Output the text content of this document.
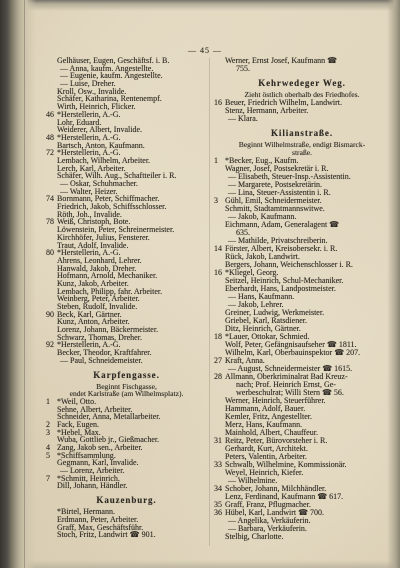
— 45 —
Gelhäuser, Eugen, Geschäftsf. i. B.
— Anna, kaufm. Angestellte.
— Eugenie, kaufm. Angestellte.
— Luise, Dreher.
Kroll, Osw., Invalide.
Schäfer, Katharina, Rentenempf.
Wirth, Heinrich, Flicker.
46 *Herstellerin, A.-G.
Lohr, Eduard.
Weiderer, Albert, Invalide.
48 *Herstellerin, A.-G.
Bartsch, Anton, Kaufmann.
72 *Herstellerin, A.-G.
Lembach, Wilhelm, Arbeiter.
Lerch, Karl, Arbeiter.
Schäfer, Wilh. Aug., Schaftteiler i. R.
— Oskar, Schuhmacher.
— Walter, Heizer.
74 Bornmann, Peter, Schiffmacher.
Friedrich, Jakob, Schiffsschlosser.
Röth, Joh., Invalide.
78 Weiß, Christoph, Bote.
Löwenstein, Peter, Schreinermeister.
Kirchhöfer, Julius, Fensterer.
Traut, Adolf, Invalide.
80 *Herstellerin, A.-G.
Ahrens, Leonhard, Lehrer.
Hanwald, Jakob, Dreher.
Hofmann, Arnold, Mechaniker.
Kunz, Jakob, Arbeiter.
Lembach, Philipp, fahr. Arbeiter.
Weinberg, Peter, Arbeiter.
Steben, Rudolf, Invalide.
90 Beck, Karl, Gärtner.
Kunz, Anton, Arbeiter.
Lorenz, Johann, Bäckermeister.
Schwarz, Thomas, Dreher.
92 *Herstellerin, A.-G.
Becker, Theodor, Kraftfahrer.
— Paul, Schneidemeister.
Karpfengasse.
Beginnt Fischgasse,
endet Karlstraße (am Wilhelmsplatz).
1 *Weil, Otto.
Sehne, Albert, Arbeiter.
Schneider, Anna, Metallarbeiter.
2 Fack, Eugen.
3 *Hebel, Max.
Wuba, Gottlieb jr., Gießmacher.
4 Zang, Jakob sen., Arbeiter.
5 *Schiffsammlung.
Gegmann, Karl, Invalide.
— Lorenz, Arbeiter.
7 *Schmitt, Heinrich.
Dill, Johann, Händler.
Kauzenburg.
*Birtel, Hermann.
Erdmann, Peter, Arbeiter.
Graff, Max, Geschäftsführ.
Stoch, Fritz, Landwirt ☎ 901.
Werner, Ernst Josef, Kaufmann ☎
755.
Kehrwedeger Weg.
Zieht östlich oberhalb des Friedhofes.
16 Beuer, Friedrich Wilhelm, Landwirt.
Stenz, Hermann, Arbeiter.
— Klara.
Kilianstraße.
Beginnt Wilhelmstraße, endigt Bismarck-
straße.
1 *Becker, Eug., Kaufm.
Wagner, Josef, Postsekretär i. R.
— Elisabeth, Steuer-Insp.-Assistentin.
— Margarete, Postsekretärin.
— Lina, Steuer-Assistentin i. R.
3 Gühl, Emil, Schneidermeister.
Schmitt, Stadtamtmannswitwe.
— Jakob, Kaufmann.
Eichmann, Adam, Generalagent ☎
635.
— Mathilde, Privatschreiberin.
14 Förster, Albert, Kreisobersekr. i. R.
Rück, Jakob, Landwirt.
Bergers, Johann, Weichenschlosser i. R.
16 *Kliegel, Georg.
Seitzel, Heinrich, Schul-Mechaniker.
Eberhardt, Hans, Landpostmeister.
— Hans, Kaufmann.
— Jakob, Lehrer.
Greiner, Ludwig, Werkmeister.
Griebel, Karl, Ratsdiener.
Ditz, Heinrich, Gärtner.
18 *Lauer, Ottokar, Schmied.
Wolf, Peter, Gefängnisaufseher ☎ 1811.
Wilhelm, Karl, Oberbauinspektor ☎ 207.
27 Kraft, Anna.
— August, Schneidermeister ☎ 1615.
28 Allmann, Oberkriminalrat Bad Kreuz-
nach; Prof. Heinrich Ernst, Ge-
werbeschulrat; Willi Stern ☎ 56.
Werner, Heinrich, Steuerführer.
Hammann, Adolf, Bauer.
Kemler, Fritz, Angestellter.
Merz, Hans, Kaufmann.
Mainhold, Albert, Chauffeur.
31 Reitz, Peter, Bürovorsteher i. R.
Gerhardt, Kurt, Architekt.
Peters, Valentin, Arbeiter.
33 Schwalb, Wilhelmine, Kommissionär.
Weyel, Heinrich, Kiefer.
— Wilhelmine.
34 Schober, Johann, Milchhändler.
Lenz, Ferdinand, Kaufmann ☎ 617.
35 Graff, Franz, Pflugmacher.
36 Hübel, Karl, Landwirt ☎ 700.
— Angelika, Verkäuferin.
— Barbara, Verkäuferin.
Stelbig, Charlotte.
